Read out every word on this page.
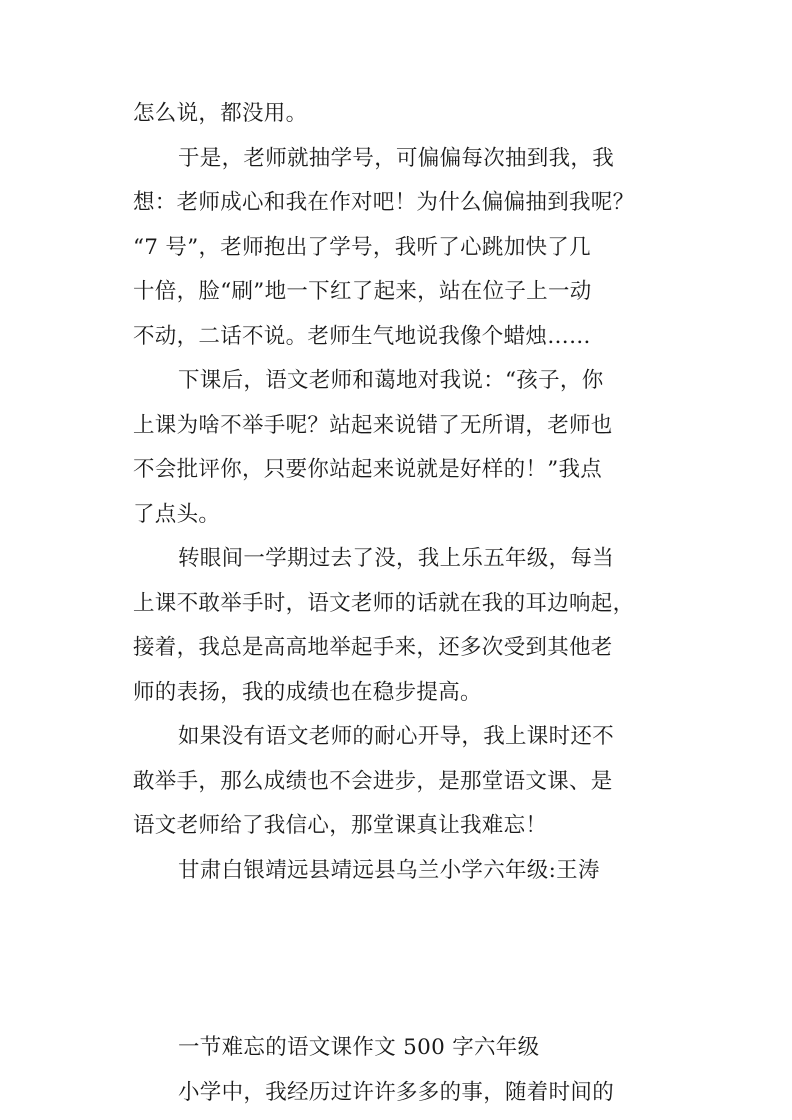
怎么说，都没用。
于是，老师就抽学号，可偏偏每次抽到我，我
想：老师成心和我在作对吧！为什么偏偏抽到我呢？
“7 号”，老师抱出了学号，我听了心跳加快了几
十倍，脸“刷”地一下红了起来，站在位子上一动
不动，二话不说。老师生气地说我像个蜡烛……
下课后，语文老师和蔼地对我说：“孩子，你
上课为啥不举手呢？站起来说错了无所谓，老师也
不会批评你，只要你站起来说就是好样的！”我点
了点头。
转眼间一学期过去了没，我上乐五年级，每当
上课不敢举手时，语文老师的话就在我的耳边响起，
接着，我总是高高地举起手来，还多次受到其他老
师的表扬，我的成绩也在稳步提高。
如果没有语文老师的耐心开导，我上课时还不
敢举手，那么成绩也不会进步，是那堂语文课、是
语文老师给了我信心，那堂课真让我难忘！
甘肃白银靖远县靖远县乌兰小学六年级:王涛
一节难忘的语文课作文 500 字六年级
小学中，我经历过许许多多的事，随着时间的
